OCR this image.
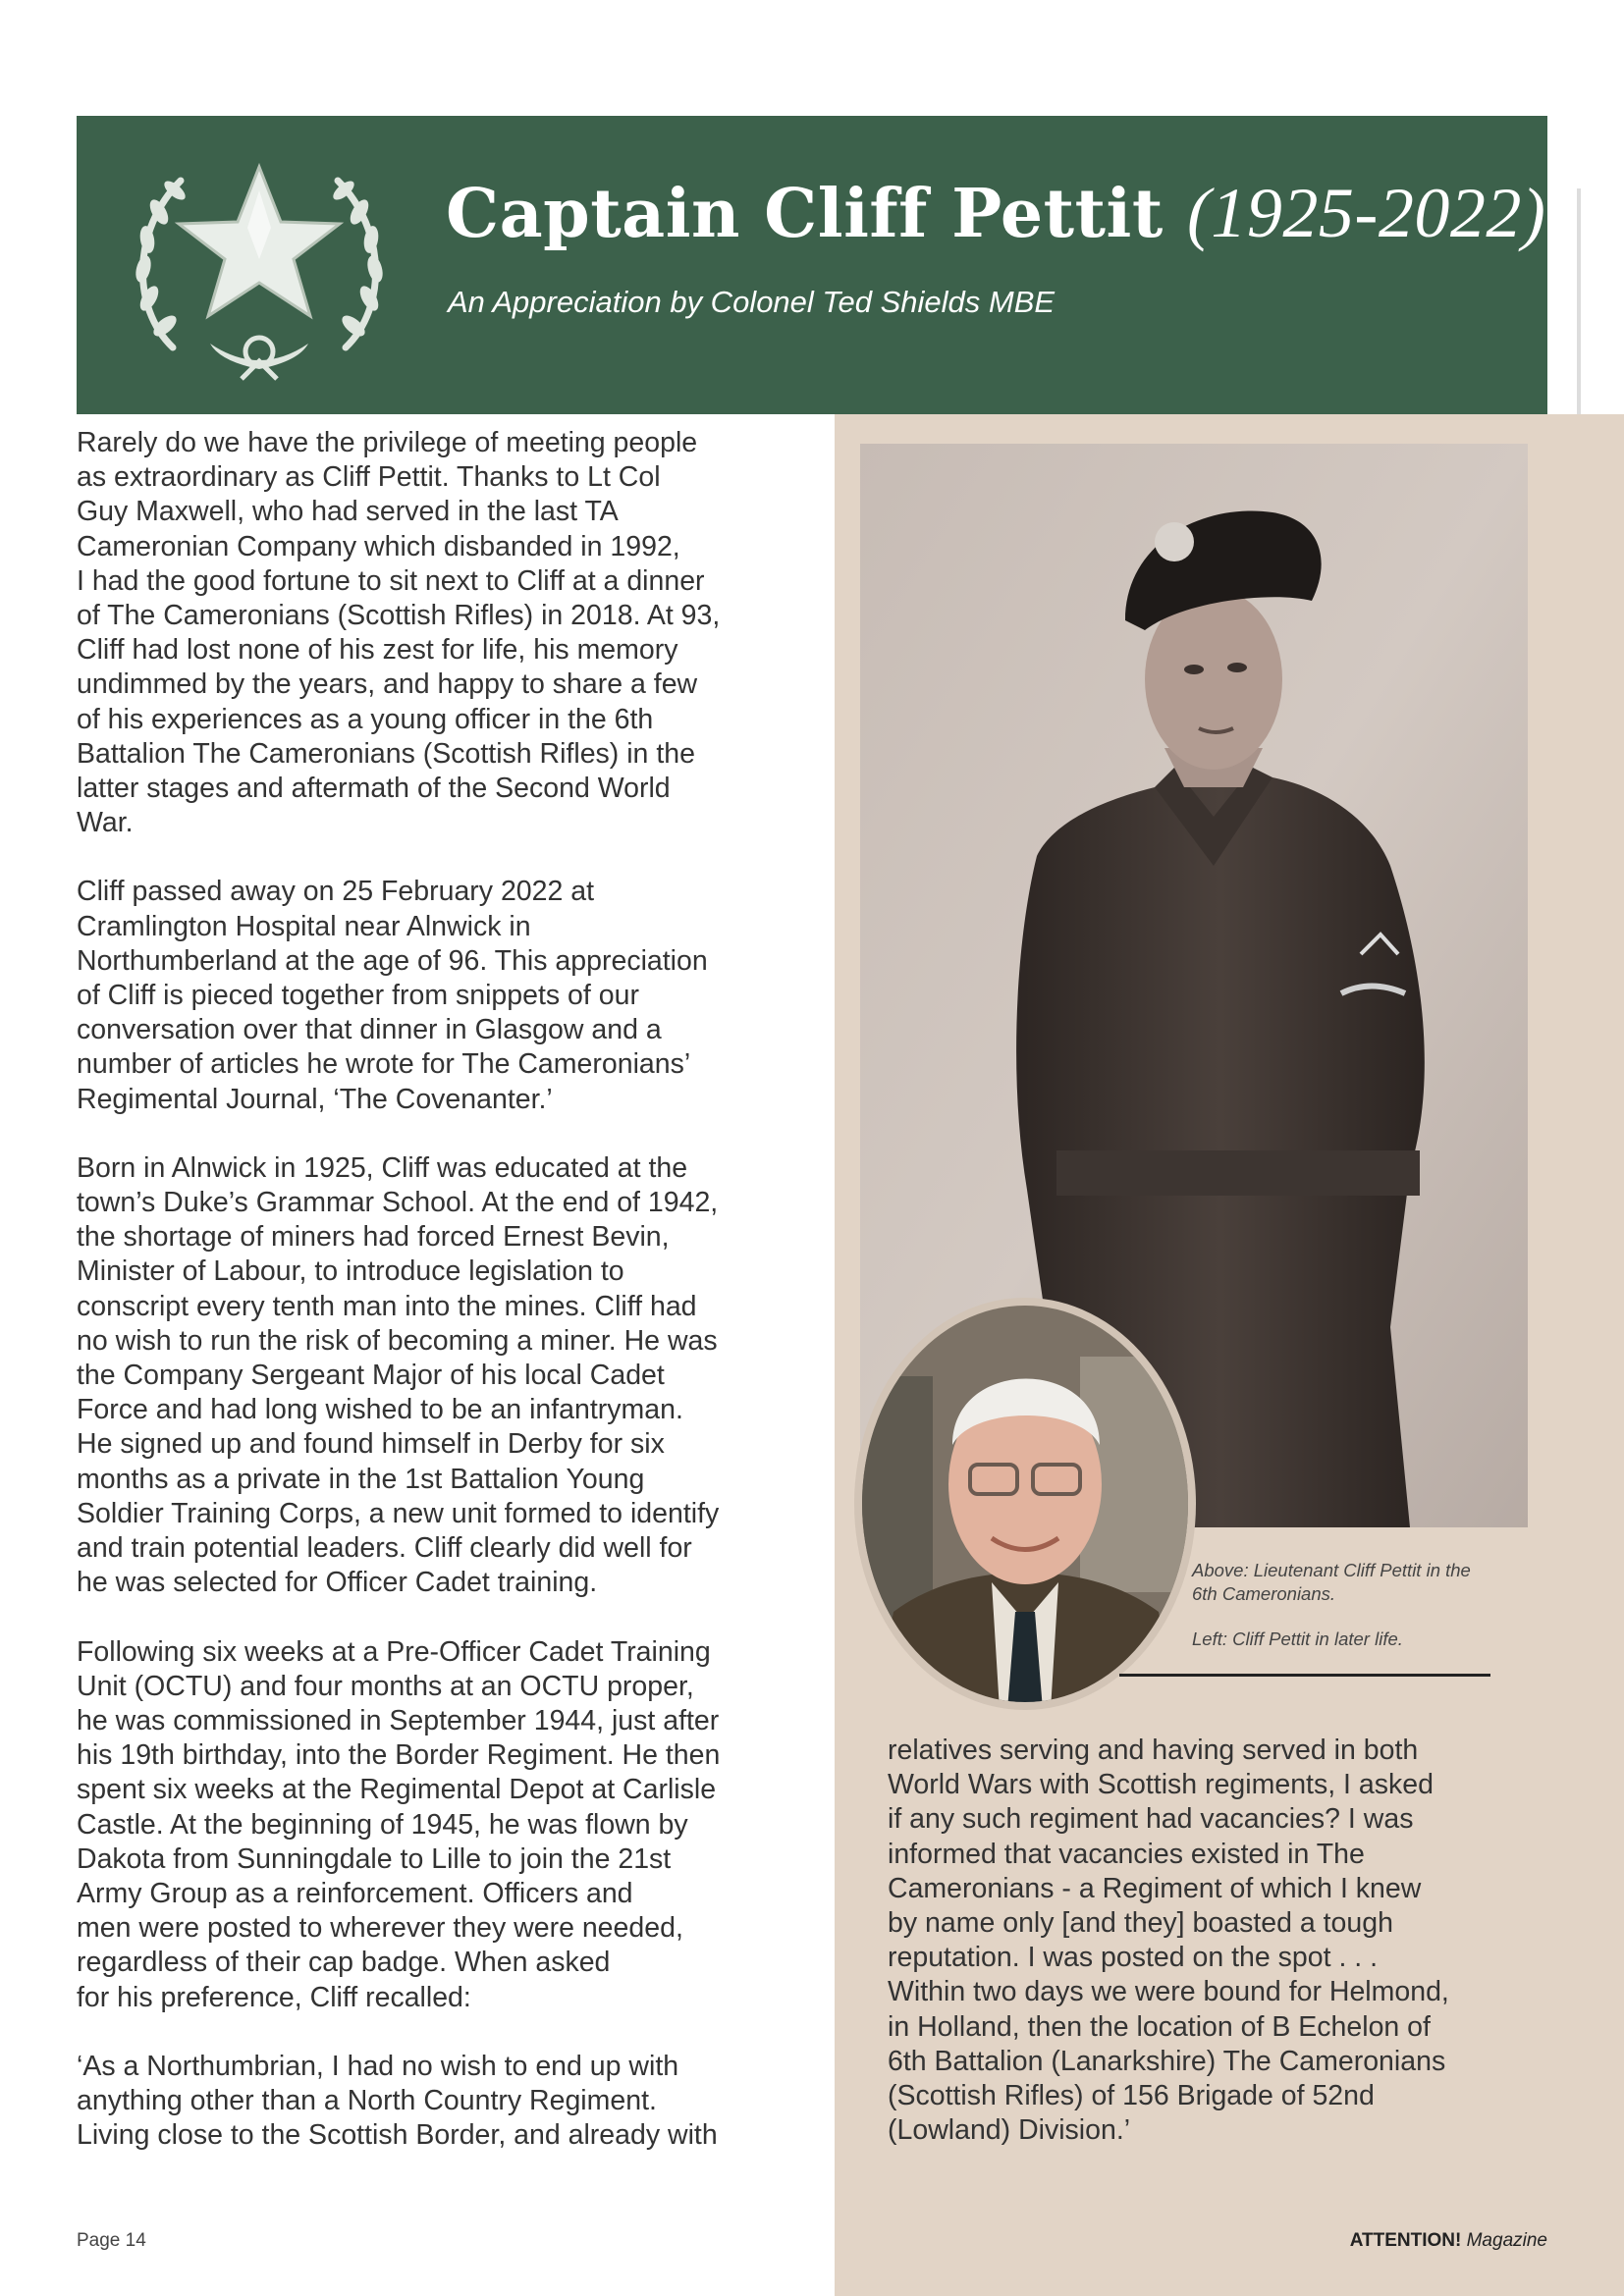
Captain Cliff Pettit (1925-2022)
An Appreciation by Colonel Ted Shields MBE

Rarely do we have the privilege of meeting people
as extraordinary as Cliff Pettit. Thanks to Lt Col
Guy Maxwell, who had served in the last TA
Cameronian Company which disbanded in 1992,
I had the good fortune to sit next to Cliff at a dinner
of The Cameronians (Scottish Rifles) in 2018. At 93,
Cliff had lost none of his zest for life, his memory
undimmed by the years, and happy to share a few
of his experiences as a young officer in the 6th
Battalion The Cameronians (Scottish Rifles) in the
latter stages and aftermath of the Second World
War.

Cliff passed away on 25 February 2022 at
Cramlington Hospital near Alnwick in
Northumberland at the age of 96. This appreciation
of Cliff is pieced together from snippets of our
conversation over that dinner in Glasgow and a
number of articles he wrote for The Cameronians’
Regimental Journal, ‘The Covenanter.’

Born in Alnwick in 1925, Cliff was educated at the
town’s Duke’s Grammar School. At the end of 1942,
the shortage of miners had forced Ernest Bevin,
Minister of Labour, to introduce legislation to
conscript every tenth man into the mines. Cliff had
no wish to run the risk of becoming a miner. He was
the Company Sergeant Major of his local Cadet
Force and had long wished to be an infantryman.
He signed up and found himself in Derby for six
months as a private in the 1st Battalion Young
Soldier Training Corps, a new unit formed to identify
and train potential leaders. Cliff clearly did well for
he was selected for Officer Cadet training.

Following six weeks at a Pre-Officer Cadet Training
Unit (OCTU) and four months at an OCTU proper,
he was commissioned in September 1944, just after
his 19th birthday, into the Border Regiment. He then
spent six weeks at the Regimental Depot at Carlisle
Castle. At the beginning of 1945, he was flown by
Dakota from Sunningdale to Lille to join the 21st
Army Group as a reinforcement. Officers and
men were posted to wherever they were needed,
regardless of their cap badge. When asked
for his preference, Cliff recalled:

‘As a Northumbrian, I had no wish to end up with
anything other than a North Country Regiment.
Living close to the Scottish Border, and already with

Above: Lieutenant Cliff Pettit in the
6th Cameronians.

Left: Cliff Pettit in later life.

relatives serving and having served in both
World Wars with Scottish regiments, I asked
if any such regiment had vacancies? I was
informed that vacancies existed in The
Cameronians - a Regiment of which I knew
by name only [and they] boasted a tough
reputation. I was posted on the spot . . .
Within two days we were bound for Helmond,
in Holland, then the location of B Echelon of
6th Battalion (Lanarkshire) The Cameronians
(Scottish Rifles) of 156 Brigade of 52nd
(Lowland) Division.’

Page 14	ATTENTION! Magazine
